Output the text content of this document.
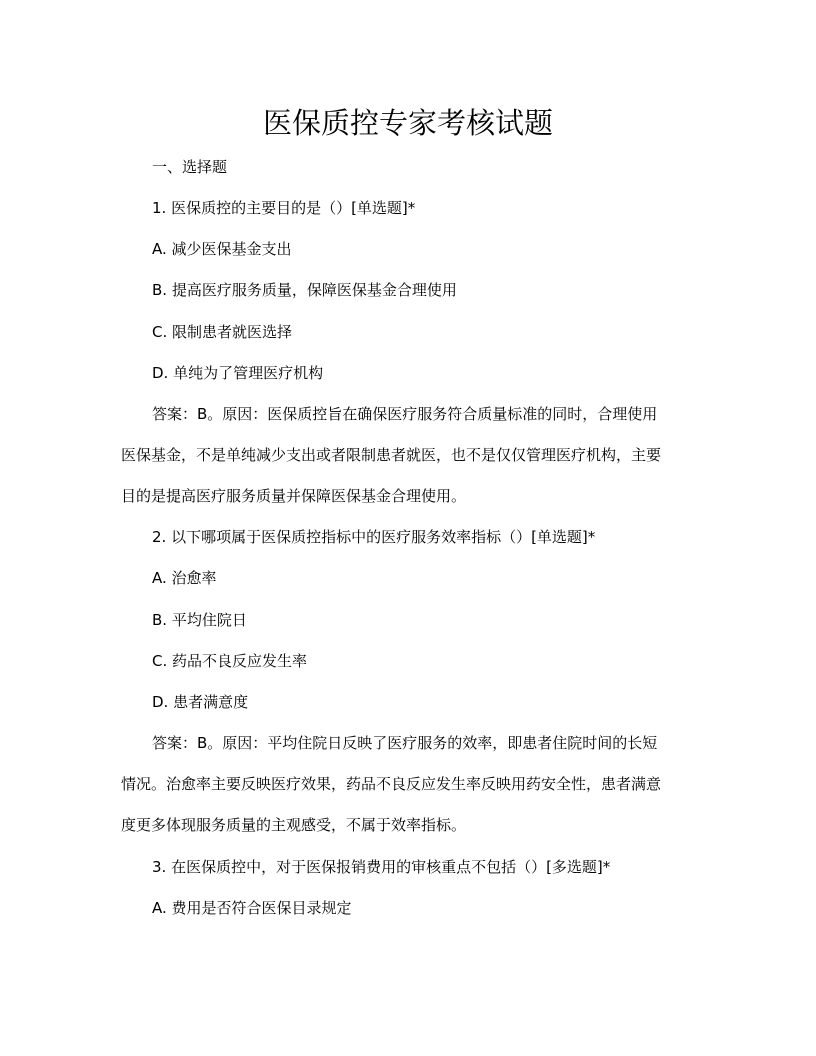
医保质控专家考核试题

一、选择题

1. 医保质控的主要目的是（）[单选题]*

A. 减少医保基金支出

B. 提高医疗服务质量，保障医保基金合理使用

C. 限制患者就医选择

D. 单纯为了管理医疗机构

答案：B。原因：医保质控旨在确保医疗服务符合质量标准的同时，合理使用

医保基金，不是单纯减少支出或者限制患者就医，也不是仅仅管理医疗机构，主要

目的是提高医疗服务质量并保障医保基金合理使用。

2. 以下哪项属于医保质控指标中的医疗服务效率指标（）[单选题]*

A. 治愈率

B. 平均住院日

C. 药品不良反应发生率

D. 患者满意度

答案：B。原因：平均住院日反映了医疗服务的效率，即患者住院时间的长短

情况。治愈率主要反映医疗效果，药品不良反应发生率反映用药安全性，患者满意

度更多体现服务质量的主观感受，不属于效率指标。

3. 在医保质控中，对于医保报销费用的审核重点不包括（）[多选题]*

A. 费用是否符合医保目录规定
